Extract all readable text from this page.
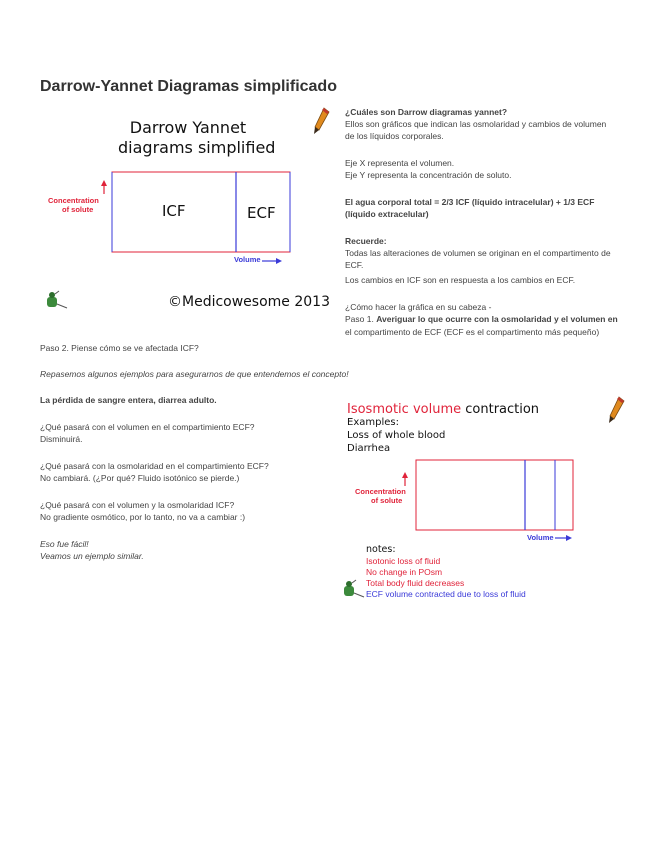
Darrow-Yannet Diagramas simplificado
Darrow Yannet
diagrams simplified
Concentration
of solute	ICF	ECF
Volume
©Medicowesome 2013
¿Cuáles son Darrow diagramas yannet?
Ellos son gráficos que indican las osmolaridad y cambios de volumen
de los líquidos corporales.
Eje X representa el volumen.
Eje Y representa la concentración de soluto.
El agua corporal total = 2/3 ICF (líquido intracelular) + 1/3 ECF
(líquido extracelular)
Recuerde:
Todas las alteraciones de volumen se originan en el compartimento de
ECF.
Los cambios en ICF son en respuesta a los cambios en ECF.
¿Cómo hacer la gráfica en su cabeza -
Paso 1. Averiguar lo que ocurre con la osmolaridad y el volumen en
el compartimento de ECF (ECF es el compartimento más pequeño)
Paso 2. Piense cómo se ve afectada ICF?
Repasemos algunos ejemplos para asegurarnos de que entendemos el concepto!
La pérdida de sangre entera, diarrea adulto.
¿Qué pasará con el volumen en el compartimiento ECF?
Disminuirá.
¿Qué pasará con la osmolaridad en el compartimiento ECF?
No cambiará. (¿Por qué? Fluido isotónico se pierde.)
¿Qué pasará con el volumen y la osmolaridad ICF?
No gradiente osmótico, por lo tanto, no va a cambiar :)
Eso fue fácil!
Veamos un ejemplo similar.
Isosmotic volume contraction
Examples:
Loss of whole blood
Diarrhea
Concentration
of solute
Volume
notes:
Isotonic loss of fluid
No change in POsm
Total body fluid decreases
ECF volume contracted due to loss of fluid
